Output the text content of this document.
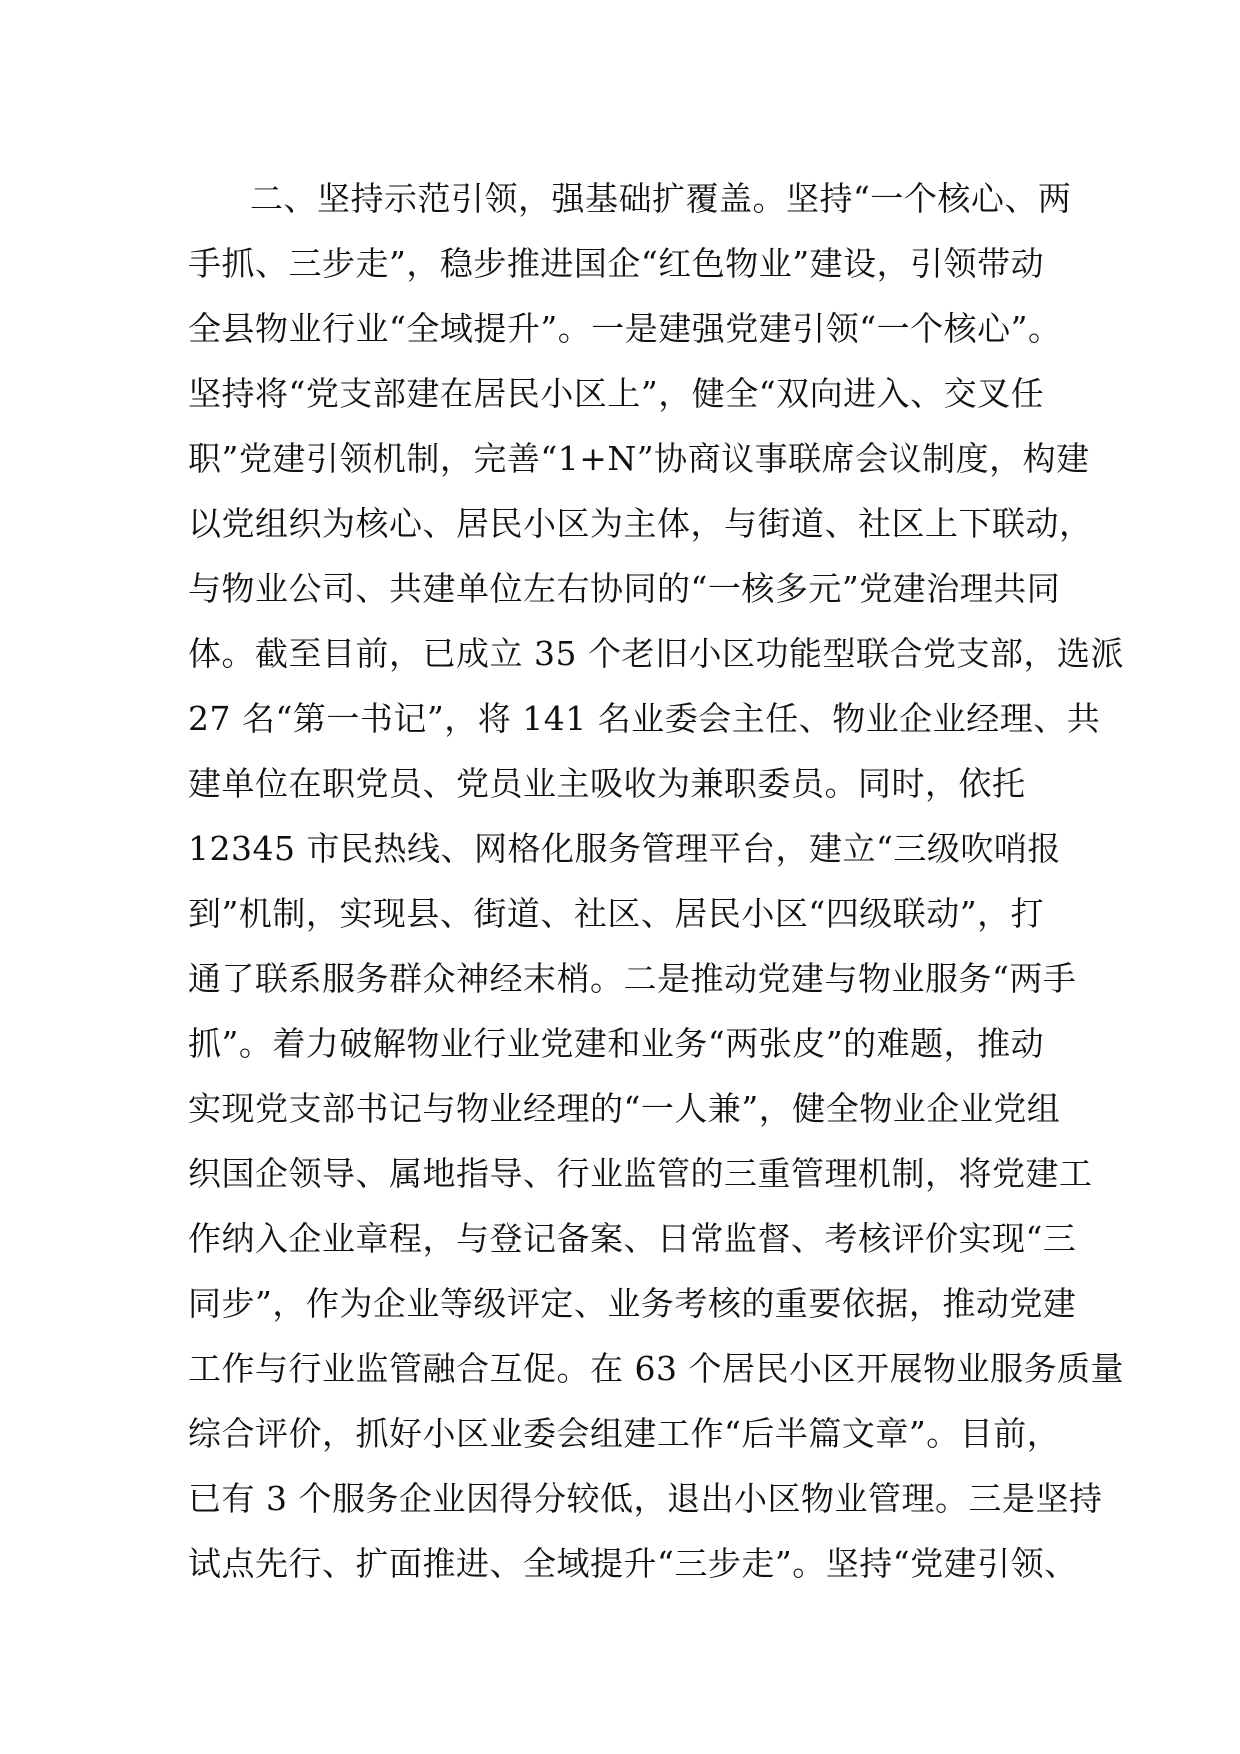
二、坚持示范引领，强基础扩覆盖。坚持“一个核心、两
手抓、三步走”，稳步推进国企“红色物业”建设，引领带动
全县物业行业“全域提升”。一是建强党建引领“一个核心”。
坚持将“党支部建在居民小区上”，健全“双向进入、交叉任
职”党建引领机制，完善“1+N”协商议事联席会议制度，构建
以党组织为核心、居民小区为主体，与街道、社区上下联动，
与物业公司、共建单位左右协同的“一核多元”党建治理共同
体。截至目前，已成立 35 个老旧小区功能型联合党支部，选派
27 名“第一书记”，将 141 名业委会主任、物业企业经理、共
建单位在职党员、党员业主吸收为兼职委员。同时，依托
12345 市民热线、网格化服务管理平台，建立“三级吹哨报
到”机制，实现县、街道、社区、居民小区“四级联动”，打
通了联系服务群众神经末梢。二是推动党建与物业服务“两手
抓”。着力破解物业行业党建和业务“两张皮”的难题，推动
实现党支部书记与物业经理的“一人兼”，健全物业企业党组
织国企领导、属地指导、行业监管的三重管理机制，将党建工
作纳入企业章程，与登记备案、日常监督、考核评价实现“三
同步”，作为企业等级评定、业务考核的重要依据，推动党建
工作与行业监管融合互促。在 63 个居民小区开展物业服务质量
综合评价，抓好小区业委会组建工作“后半篇文章”。目前，
已有 3 个服务企业因得分较低，退出小区物业管理。三是坚持
试点先行、扩面推进、全域提升“三步走”。坚持“党建引领、
